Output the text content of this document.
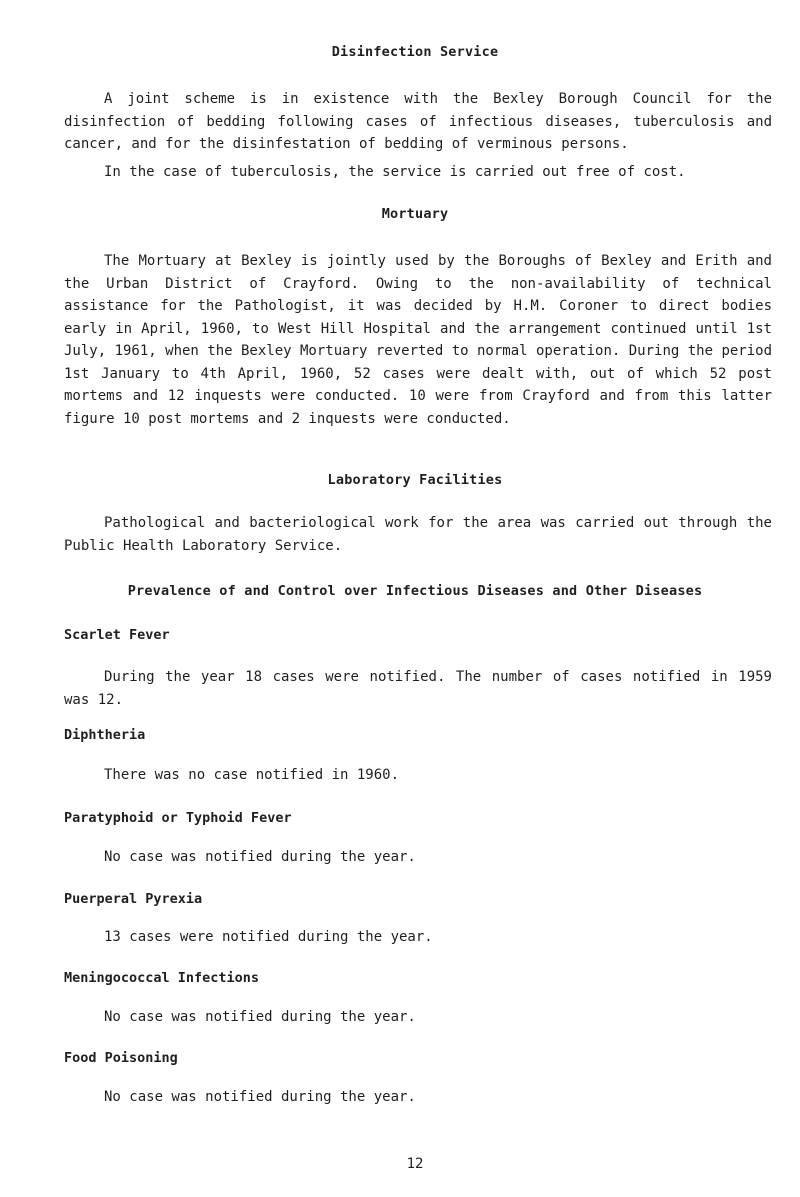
Disinfection Service
A joint scheme is in existence with the Bexley Borough Council for the disinfection of bedding following cases of infectious diseases, tuberculosis and cancer, and for the disinfestation of bedding of verminous persons.
In the case of tuberculosis, the service is carried out free of cost.
Mortuary
The Mortuary at Bexley is jointly used by the Boroughs of Bexley and Erith and the Urban District of Crayford. Owing to the non-availability of technical assistance for the Pathologist, it was decided by H.M. Coroner to direct bodies early in April, 1960, to West Hill Hospital and the arrangement continued until 1st July, 1961, when the Bexley Mortuary reverted to normal operation. During the period 1st January to 4th April, 1960, 52 cases were dealt with, out of which 52 post mortems and 12 inquests were conducted. 10 were from Crayford and from this latter figure 10 post mortems and 2 inquests were conducted.
Laboratory Facilities
Pathological and bacteriological work for the area was carried out through the Public Health Laboratory Service.
Prevalence of and Control over Infectious Diseases and Other Diseases
Scarlet Fever
During the year 18 cases were notified. The number of cases notified in 1959 was 12.
Diphtheria
There was no case notified in 1960.
Paratyphoid or Typhoid Fever
No case was notified during the year.
Puerperal Pyrexia
13 cases were notified during the year.
Meningococcal Infections
No case was notified during the year.
Food Poisoning
No case was notified during the year.
12
